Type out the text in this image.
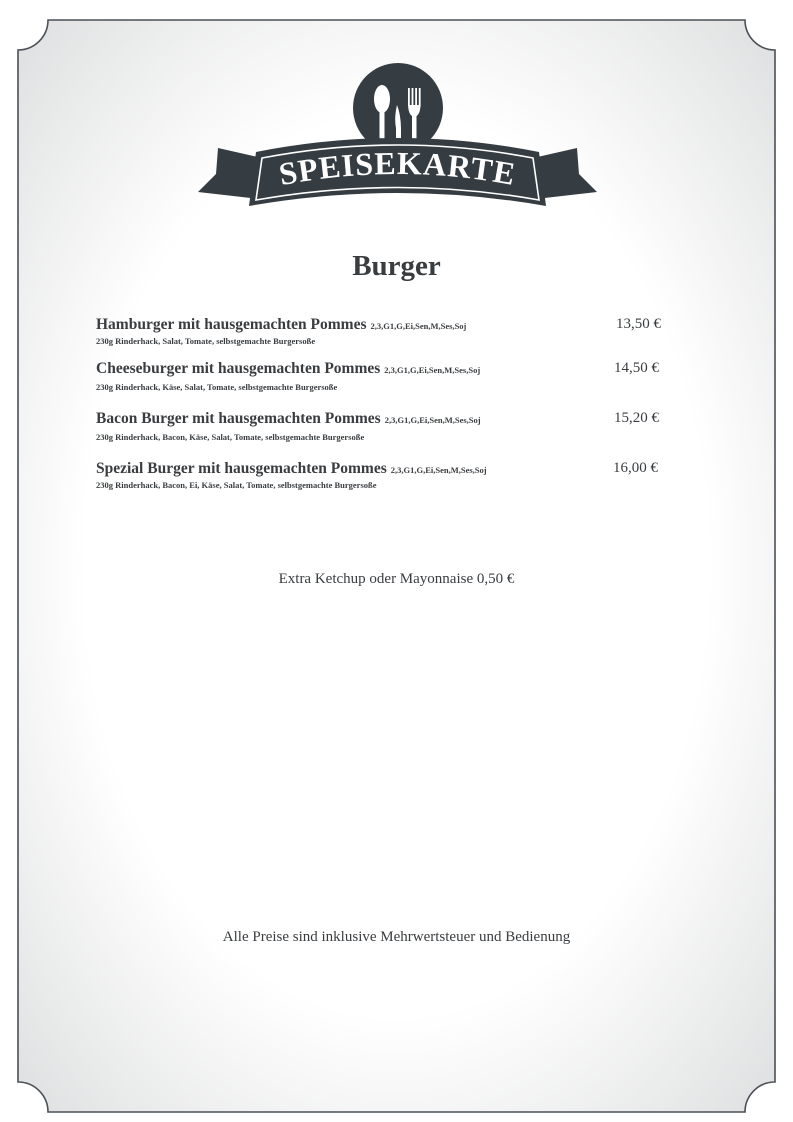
SPEISEKARTE
Burger
Hamburger mit hausgemachten Pommes 2,3,G1,G,Ei,Sen,M,Ses,Soj	13,50 €
230g Rinderhack, Salat, Tomate, selbstgemachte Burgersoße
Cheeseburger mit hausgemachten Pommes 2,3,G1,G,Ei,Sen,M,Ses,Soj	14,50 €
230g Rinderhack, Käse, Salat, Tomate, selbstgemachte Burgersoße
Bacon Burger mit hausgemachten Pommes 2,3,G1,G,Ei,Sen,M,Ses,Soj	15,20 €
230g Rinderhack, Bacon, Käse, Salat, Tomate, selbstgemachte Burgersoße
Spezial Burger mit hausgemachten Pommes 2,3,G1,G,Ei,Sen,M,Ses,Soj	16,00 €
230g Rinderhack, Bacon, Ei, Käse, Salat, Tomate, selbstgemachte Burgersoße
Extra Ketchup oder Mayonnaise 0,50 €
Alle Preise sind inklusive Mehrwertsteuer und Bedienung
